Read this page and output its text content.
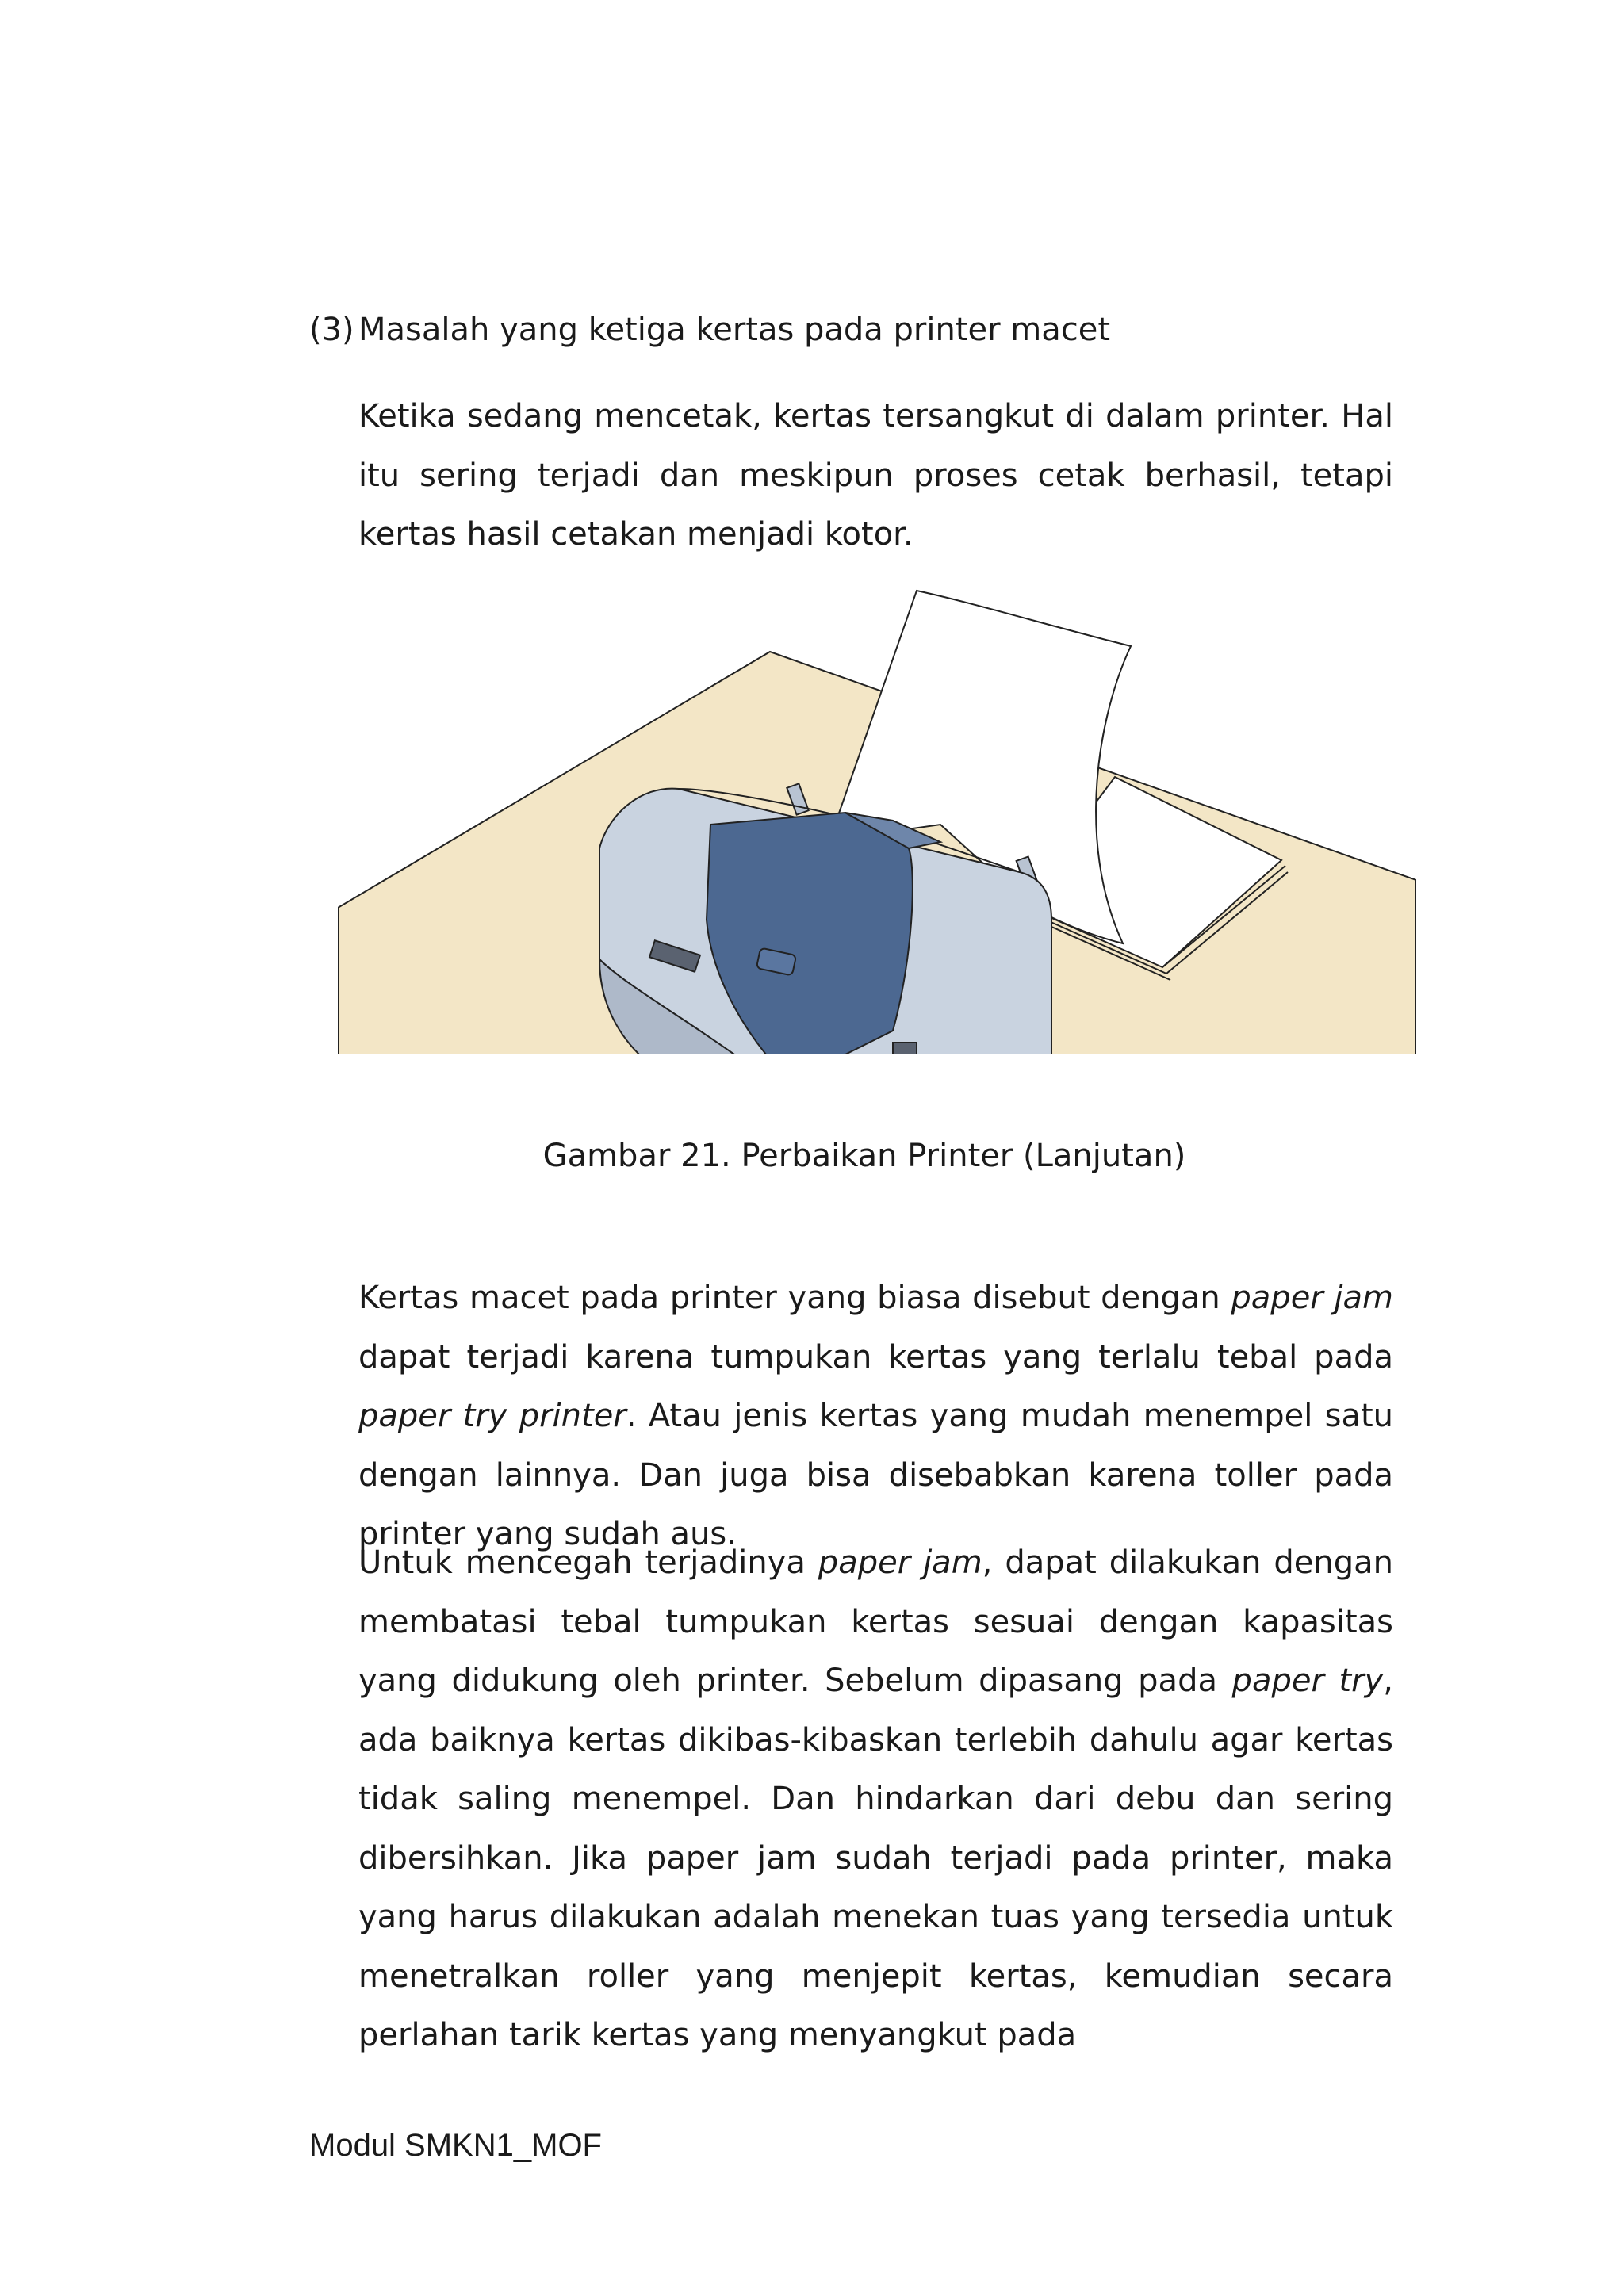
(3) Masalah yang ketiga kertas pada printer macet

Ketika sedang mencetak, kertas tersangkut di dalam printer. Hal itu sering terjadi dan meskipun proses cetak berhasil, tetapi kertas hasil cetakan menjadi kotor.

Gambar 21. Perbaikan Printer (Lanjutan)

Kertas macet pada printer yang biasa disebut dengan paper jam dapat terjadi karena tumpukan kertas yang terlalu tebal pada paper try printer. Atau jenis kertas yang mudah menempel satu dengan lainnya. Dan juga bisa disebabkan karena toller pada printer yang sudah aus.

Untuk mencegah terjadinya paper jam, dapat dilakukan dengan membatasi tebal tumpukan kertas sesuai dengan kapasitas yang didukung oleh printer. Sebelum dipasang pada paper try, ada baiknya kertas dikibas-kibaskan terlebih dahulu agar kertas tidak saling menempel. Dan hindarkan dari debu dan sering dibersihkan. Jika paper jam sudah terjadi pada printer, maka yang harus dilakukan adalah menekan tuas yang tersedia untuk menetralkan roller yang menjepit kertas, kemudian secara perlahan tarik kertas yang menyangkut pada

Modul SMKN1_MOF
